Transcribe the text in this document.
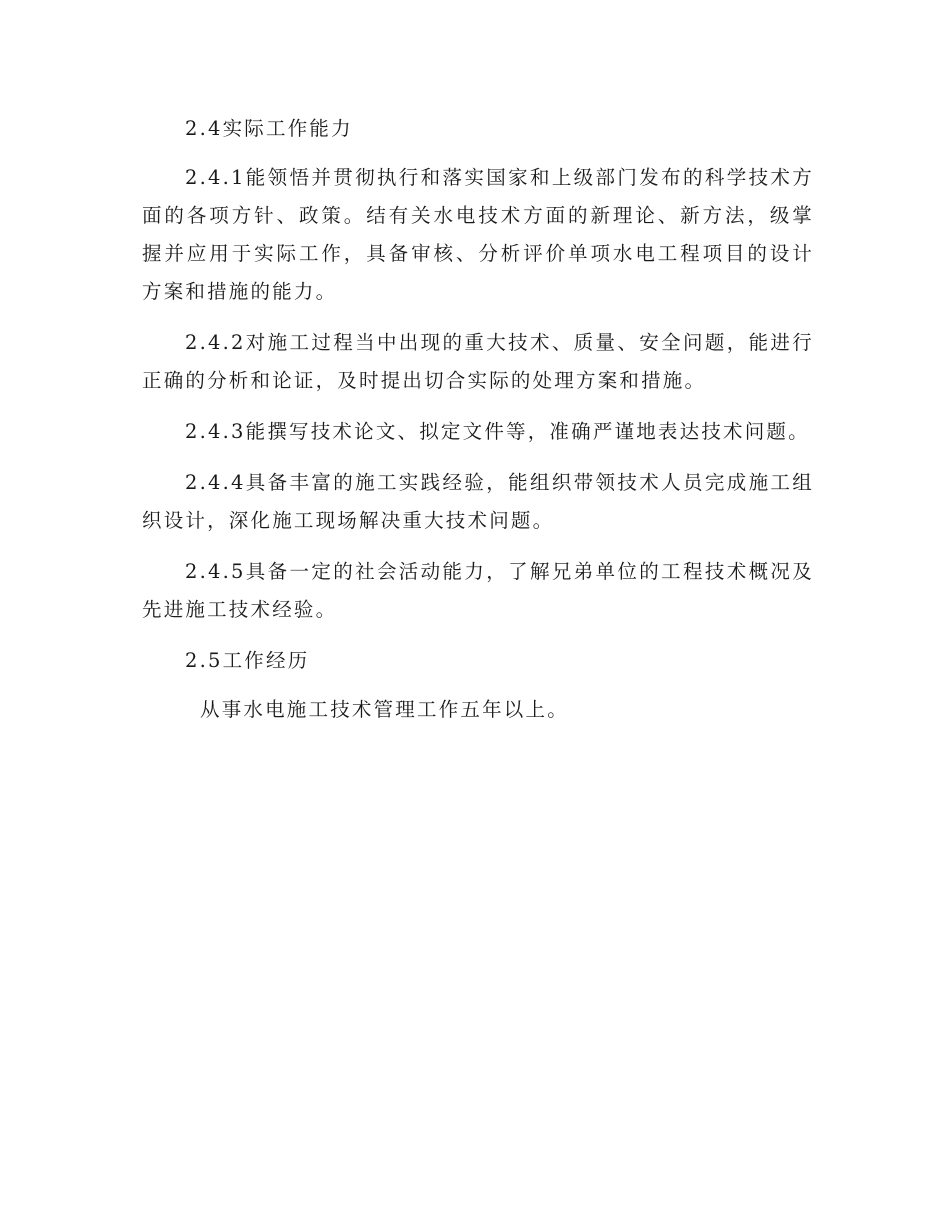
2.4实际工作能力

2.4.1能领悟并贯彻执行和落实国家和上级部门发布的科学技术方面的各项方针、政策。结有关水电技术方面的新理论、新方法，级掌握并应用于实际工作，具备审核、分析评价单项水电工程项目的设计方案和措施的能力。

2.4.2对施工过程当中出现的重大技术、质量、安全问题，能进行正确的分析和论证，及时提出切合实际的处理方案和措施。

2.4.3能撰写技术论文、拟定文件等，准确严谨地表达技术问题。

2.4.4具备丰富的施工实践经验，能组织带领技术人员完成施工组织设计，深化施工现场解决重大技术问题。

2.4.5具备一定的社会活动能力，了解兄弟单位的工程技术概况及先进施工技术经验。

2.5工作经历

从事水电施工技术管理工作五年以上。
